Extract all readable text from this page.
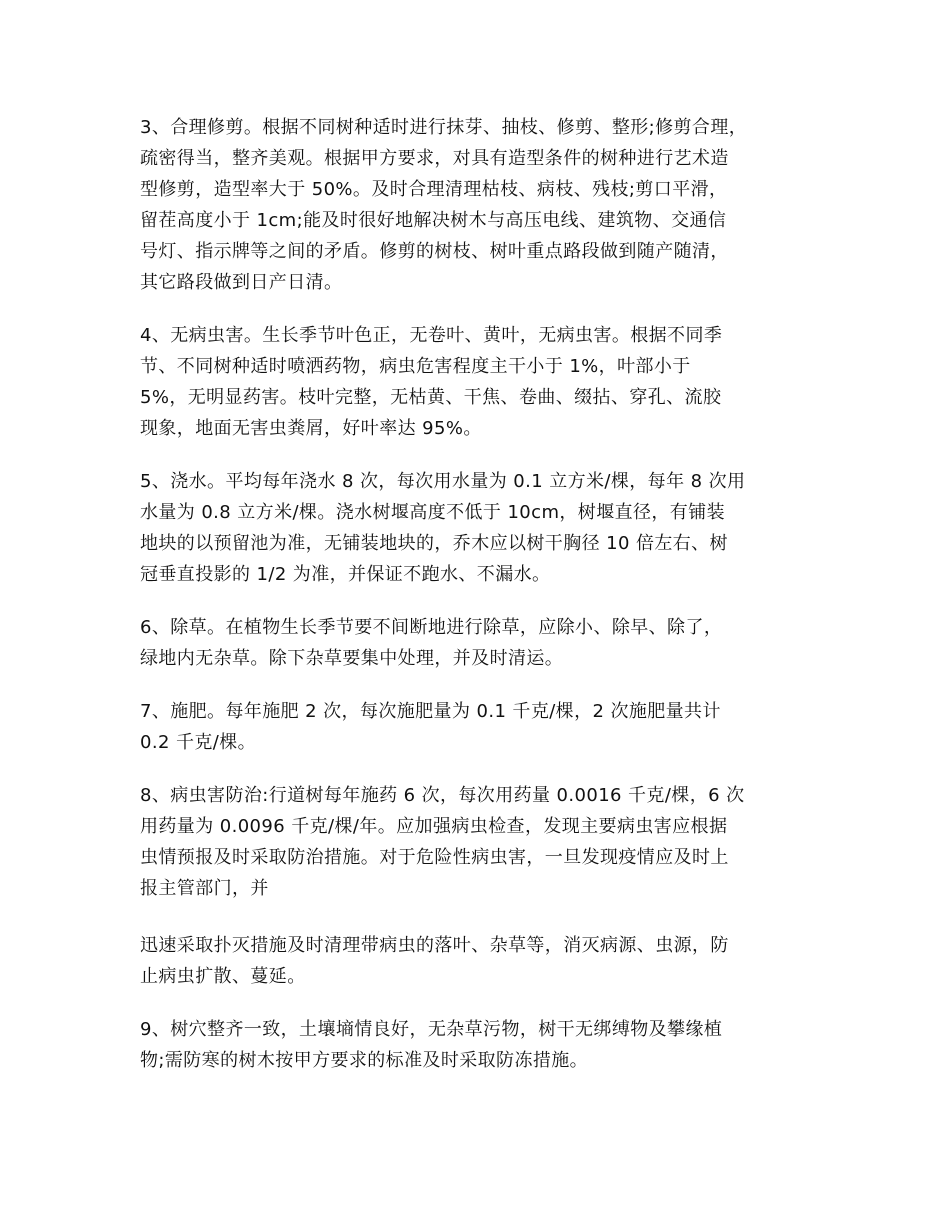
3、合理修剪。根据不同树种适时进行抹芽、抽枝、修剪、整形;修剪合理，
疏密得当，整齐美观。根据甲方要求，对具有造型条件的树种进行艺术造
型修剪，造型率大于 50%。及时合理清理枯枝、病枝、残枝;剪口平滑，
留茬高度小于 1cm;能及时很好地解决树木与高压电线、建筑物、交通信
号灯、指示牌等之间的矛盾。修剪的树枝、树叶重点路段做到随产随清，
其它路段做到日产日清。

4、无病虫害。生长季节叶色正，无卷叶、黄叶，无病虫害。根据不同季
节、不同树种适时喷洒药物，病虫危害程度主干小于 1%，叶部小于
5%，无明显药害。枝叶完整，无枯黄、干焦、卷曲、缀拈、穿孔、流胶
现象，地面无害虫粪屑，好叶率达 95%。

5、浇水。平均每年浇水 8 次，每次用水量为 0.1 立方米/棵，每年 8 次用
水量为 0.8 立方米/棵。浇水树堰高度不低于 10cm，树堰直径，有铺装
地块的以预留池为准，无铺装地块的，乔木应以树干胸径 10 倍左右、树
冠垂直投影的 1/2 为准，并保证不跑水、不漏水。

6、除草。在植物生长季节要不间断地进行除草，应除小、除早、除了，
绿地内无杂草。除下杂草要集中处理，并及时清运。

7、施肥。每年施肥 2 次，每次施肥量为 0.1 千克/棵，2 次施肥量共计
0.2 千克/棵。

8、病虫害防治:行道树每年施药 6 次，每次用药量 0.0016 千克/棵，6 次
用药量为 0.0096 千克/棵/年。应加强病虫检查，发现主要病虫害应根据
虫情预报及时采取防治措施。对于危险性病虫害，一旦发现疫情应及时上
报主管部门，并

迅速采取扑灭措施及时清理带病虫的落叶、杂草等，消灭病源、虫源，防
止病虫扩散、蔓延。

9、树穴整齐一致，土壤墒情良好，无杂草污物，树干无绑缚物及攀缘植
物;需防寒的树木按甲方要求的标准及时采取防冻措施。
